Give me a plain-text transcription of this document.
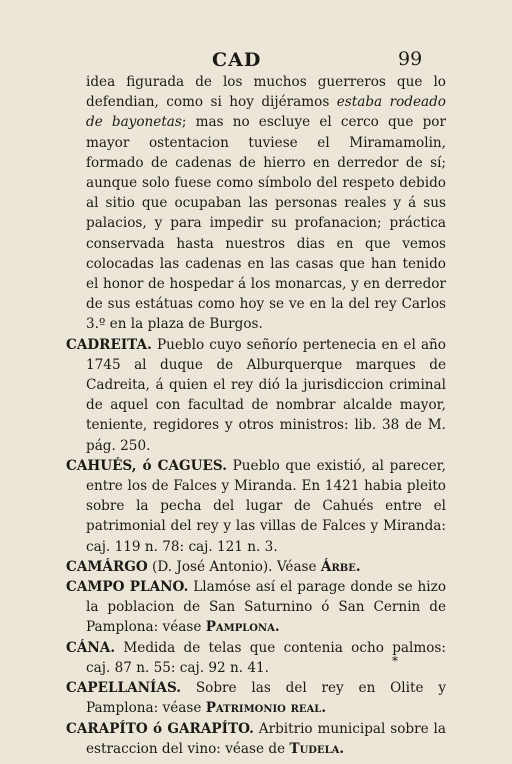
CAD	99

idea figurada de los muchos guerreros que lo defendian, como si hoy dijéramos estaba rodeado de bayonetas; mas no escluye el cerco que por mayor ostentacion tuviese el Miramamolin, formado de cadenas de hierro en derredor de sí; aunque solo fuese como símbolo del respeto debido al sitio que ocupaban las personas reales y á sus palacios, y para impedir su profanacion; práctica conservada hasta nuestros dias en que vemos colocadas las cadenas en las casas que han tenido el honor de hospedar á los monarcas, y en derredor de sus estátuas como hoy se ve en la del rey Carlos 3.º en la plaza de Burgos.

CADREITA. Pueblo cuyo señorío pertenecia en el año 1745 al duque de Alburquerque marques de Cadreita, á quien el rey dió la jurisdiccion criminal de aquel con facultad de nombrar alcalde mayor, teniente, regidores y otros ministros: lib. 38 de M. pág. 250.

CAHUÉS, ó CAGUES. Pueblo que existió, al parecer, entre los de Falces y Miranda. En 1421 habia pleito sobre la pecha del lugar de Cahués entre el patrimonial del rey y las villas de Falces y Miranda: caj. 119 n. 78: caj. 121 n. 3.

CAMÁRGO (D. José Antonio). Véase Árbe.

CAMPO PLANO. Llamóse así el parage donde se hizo la poblacion de San Saturnino ó San Cernin de Pamplona: véase Pamplona.

CÁNA. Medida de telas que contenia ocho palmos: caj. 87 n. 55: caj. 92 n. 41.

CAPELLANÍAS. Sobre las del rey en Olite y Pamplona: véase Patrimonio real.

CARAPÍTO ó GARAPÍTO. Arbitrio municipal sobre la estraccion del vino: véase de Tudela.

*
